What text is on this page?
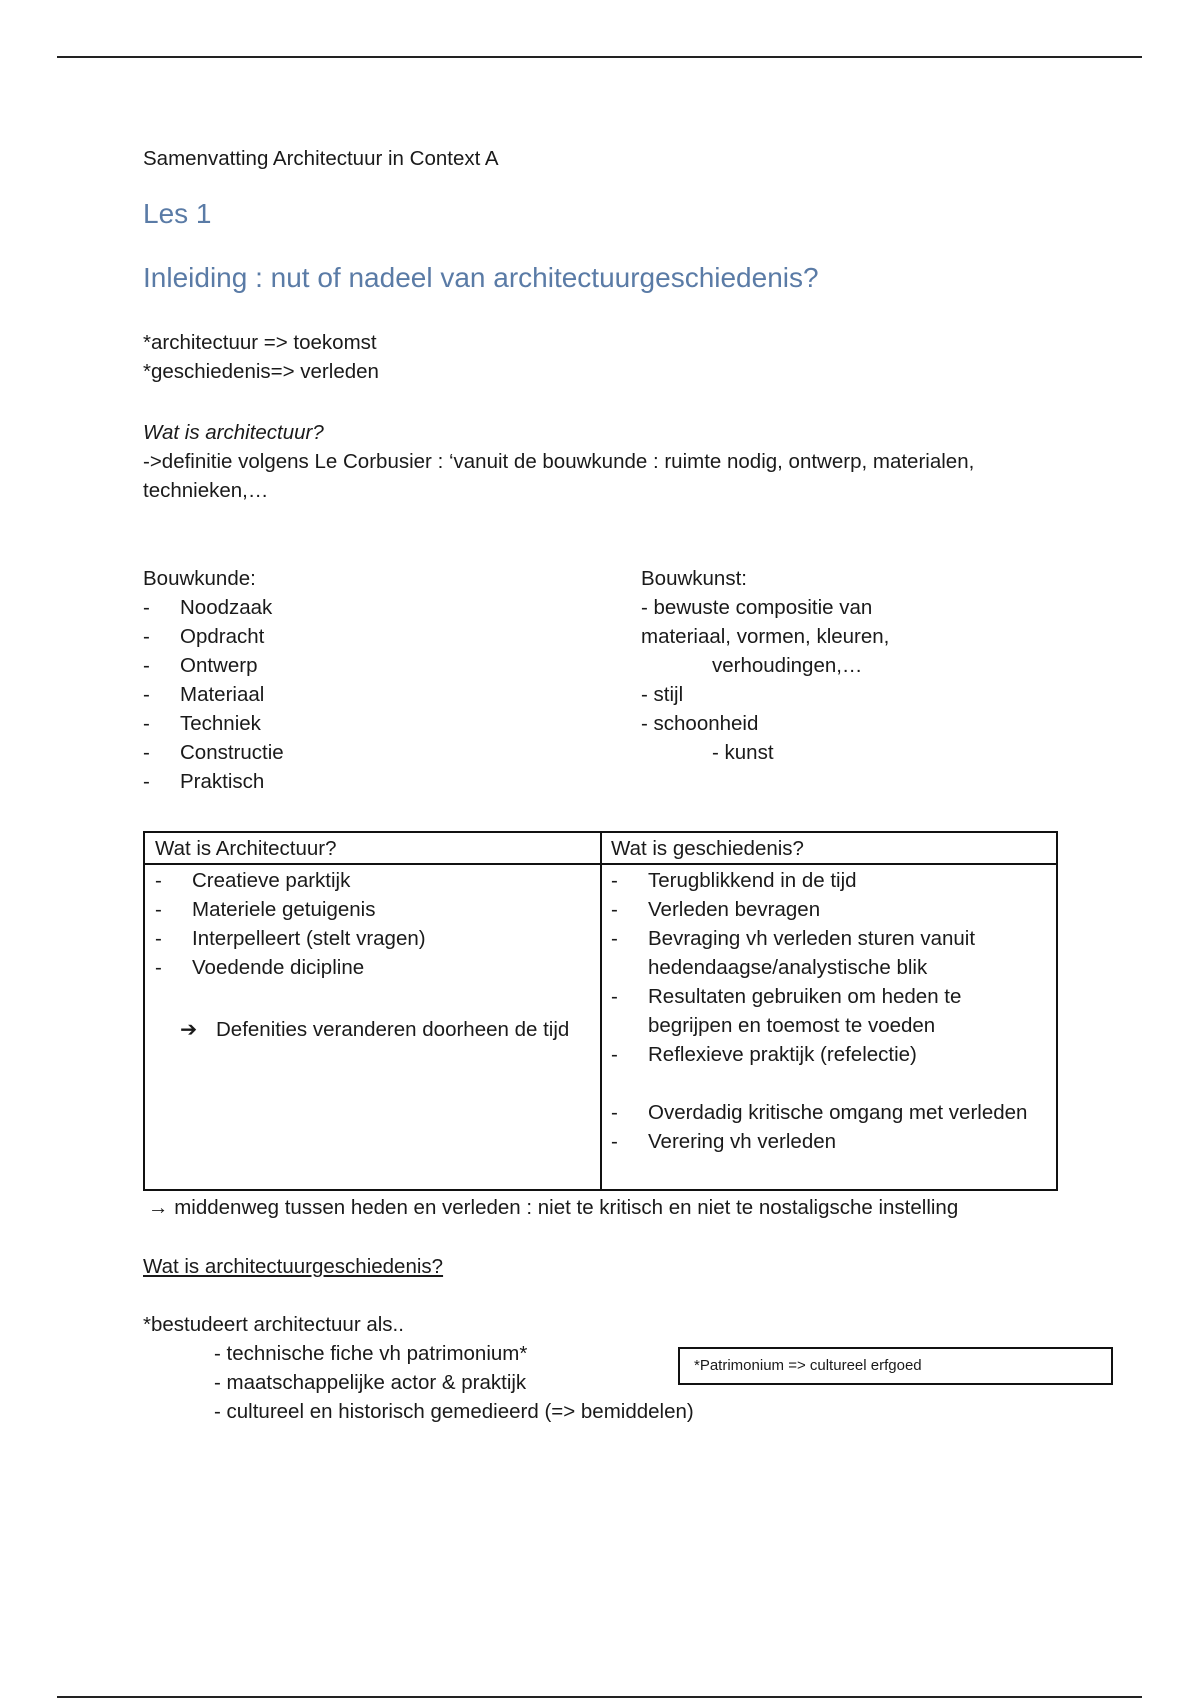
Samenvatting Architectuur in Context A
Les 1
Inleiding : nut of nadeel van architectuurgeschiedenis?
*architectuur => toekomst
*geschiedenis=> verleden
Wat is architectuur?
->definitie volgens Le Corbusier : ‘vanuit de bouwkunde : ruimte nodig, ontwerp, materialen, technieken,…
Bouwkunde:
- Noodzaak
- Opdracht
- Ontwerp
- Materiaal
- Techniek
- Constructie
- Praktisch
Bouwkunst:
- bewuste compositie van
materiaal, vormen, kleuren,
verhoudingen,…
- stijl
- schoonheid
- kunst
Wat is Architectuur?	Wat is geschiedenis?
- Creatieve parktijk
- Materiele getuigenis
- Interpelleert (stelt vragen)
- Voedende dicipline
➔ Defenities veranderen doorheen de tijd
- Terugblikkend in de tijd
- Verleden bevragen
- Bevraging vh verleden sturen vanuit hedendaagse/analystische blik
- Resultaten gebruiken om heden te begrijpen en toemost te voeden
- Reflexieve praktijk (refelectie)
- Overdadig kritische omgang met verleden
- Verering vh verleden
→ middenweg tussen heden en verleden : niet te kritisch en niet te nostaligsche instelling
Wat is architectuurgeschiedenis?
*bestudeert architectuur als..
- technische fiche vh patrimonium*
- maatschappelijke actor & praktijk
- cultureel en historisch gemedieerd (=> bemiddelen)
*Patrimonium => cultureel erfgoed
